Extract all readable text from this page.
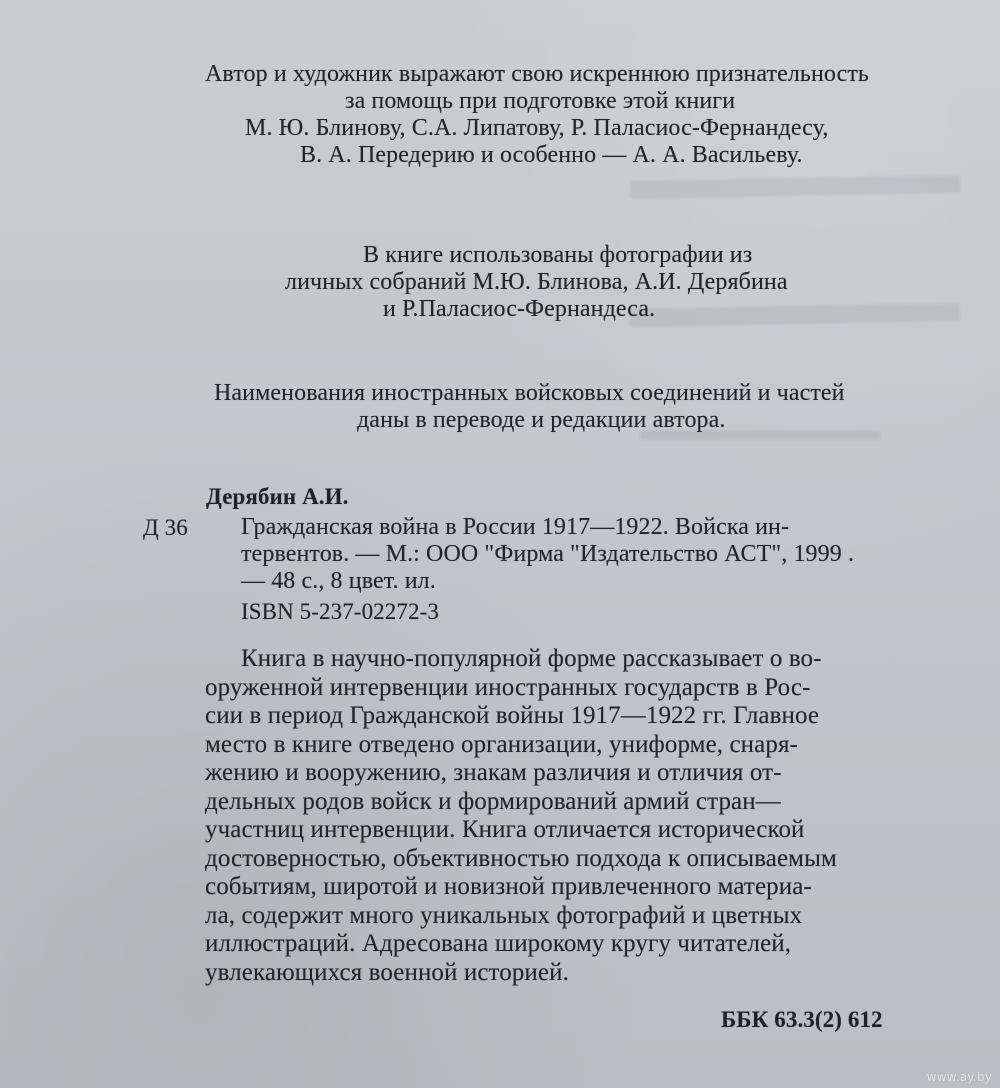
Автор и художник выражают свою искреннюю признательность
за помощь при подготовке этой книги
М. Ю. Блинову, С.А. Липатову, Р. Паласиос-Фернандесу,
В. А. Передерию и особенно — А. А. Васильеву.
В книге использованы фотографии из
личных собраний М.Ю. Блинова, А.И. Дерябина
и Р.Паласиос-Фернандеса.
Наименования иностранных войсковых соединений и частей
даны в переводе и редакции автора.
Дерябин А.И.
Д 36 Гражданская война в России 1917—1922. Войска ин-
тервентов. — М.: ООО "Фирма "Издательство АСТ", 1999 .
— 48 с., 8 цвет. ил.
ISBN 5-237-02272-3
Книга в научно-популярной форме рассказывает о во-
оруженной интервенции иностранных государств в Рос-
сии в период Гражданской войны 1917—1922 гг. Главное
место в книге отведено организации, униформе, снаря-
жению и вооружению, знакам различия и отличия от-
дельных родов войск и формирований армий стран—
участниц интервенции. Книга отличается исторической
достоверностью, объективностью подхода к описываемым
событиям, широтой и новизной привлеченного материа-
ла, содержит много уникальных фотографий и цветных
иллюстраций. Адресована широкому кругу читателей,
увлекающихся военной историей.
ББК 63.3(2) 612
www.ay.by
